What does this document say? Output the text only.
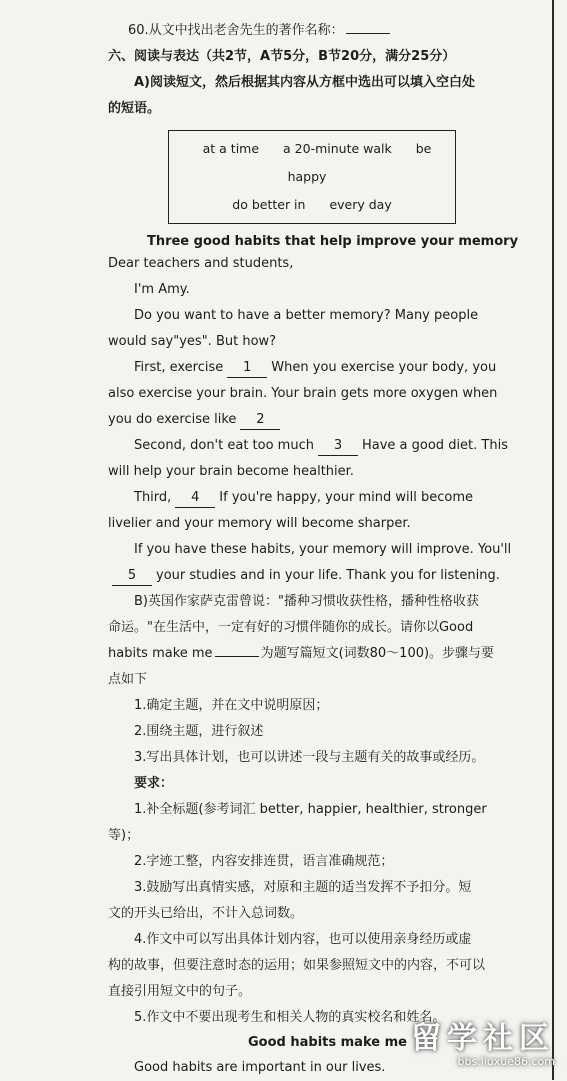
60.从文中找出老舍先生的著作名称：
六、阅读与表达（共2节，A节5分，B节20分，满分25分）
A)阅读短文，然后根据其内容从方框中选出可以填入空白处
的短语。
at a time a 20-minute walk be happy
do better in every day
Three good habits that help improve your memory
Dear teachers and students,
I'm Amy.
Do you want to have a better memory? Many people
would say"yes". But how?
First, exercise 1 When you exercise your body, you
also exercise your brain. Your brain gets more oxygen when
you do exercise like 2
Second, don't eat too much 3 Have a good diet. This
will help your brain become healthier.
Third, 4 If you're happy, your mind will become
livelier and your memory will become sharper.
If you have these habits, your memory will improve. You'll
5 your studies and in your life. Thank you for listening.
B)英国作家萨克雷曾说："播种习惯收获性格，播种性格收获
命运。"在生活中，一定有好的习惯伴随你的成长。请你以Good
habits make me	为题写篇短文(词数80～100)。步骤与要
点如下
1.确定主题，并在文中说明原因；
2.围绕主题，进行叙述
3.写出具体计划，也可以讲述一段与主题有关的故事或经历。
要求：
1.补全标题(参考词汇 better, happier, healthier, stronger
等)；
2.字迹工整，内容安排连贯，语言准确规范；
3.鼓励写出真情实感，对原和主题的适当发挥不予扣分。短
文的开头已给出，不计入总词数。
4.作文中可以写出具体计划内容，也可以使用亲身经历或虚
构的故事，但要注意时态的运用；如果参照短文中的内容，不可以
直接引用短文中的句子。
5.作文中不要出现考生和相关人物的真实校名和姓名。
Good habits make me
Good habits are important in our lives.
留学社区
bbs.liuxue86.com
